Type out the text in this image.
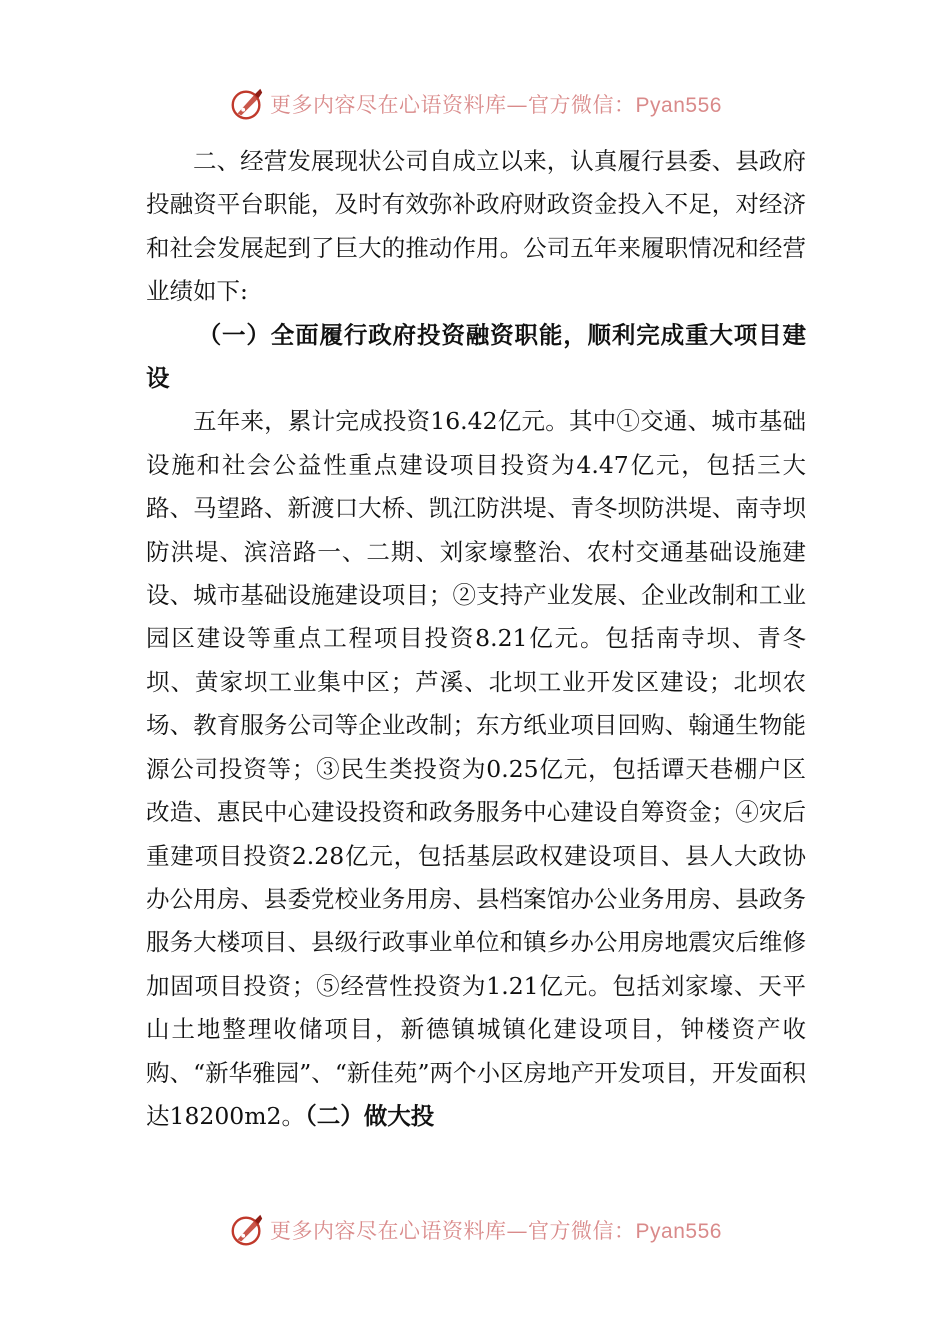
更多内容尽在心语资料库—官方微信：Pyan556

二、经营发展现状公司自成立以来，认真履行县委、县政府投融资平台职能，及时有效弥补政府财政资金投入不足，对经济和社会发展起到了巨大的推动作用。公司五年来履职情况和经营业绩如下:

（一）全面履行政府投资融资职能，顺利完成重大项目建设

五年来，累计完成投资16.42亿元。其中①交通、城市基础设施和社会公益性重点建设项目投资为4.47亿元，包括三大路、马望路、新渡口大桥、凯江防洪堤、青冬坝防洪堤、南寺坝防洪堤、滨涪路一、二期、刘家壕整治、农村交通基础设施建设、城市基础设施建设项目；②支持产业发展、企业改制和工业园区建设等重点工程项目投资8.21亿元。包括南寺坝、青冬坝、黄家坝工业集中区；芦溪、北坝工业开发区建设；北坝农场、教育服务公司等企业改制；东方纸业项目回购、翰通生物能源公司投资等；③民生类投资为0.25亿元，包括谭天巷棚户区改造、惠民中心建设投资和政务服务中心建设自筹资金；④灾后重建项目投资2.28亿元，包括基层政权建设项目、县人大政协办公用房、县委党校业务用房、县档案馆办公业务用房、县政务服务大楼项目、县级行政事业单位和镇乡办公用房地震灾后维修加固项目投资；⑤经营性投资为1.21亿元。包括刘家壕、天平山土地整理收储项目，新德镇城镇化建设项目，钟楼资产收购、“新华雅园”、“新佳苑”两个小区房地产开发项目，开发面积达18200m2。（二）做大投

更多内容尽在心语资料库—官方微信：Pyan556
